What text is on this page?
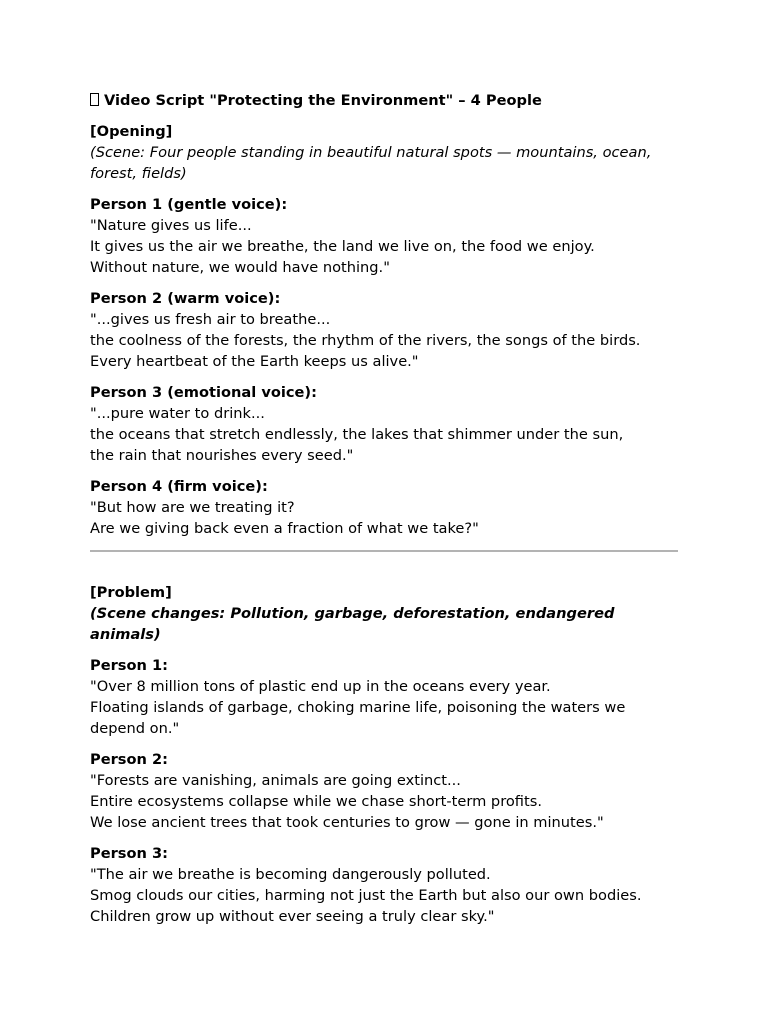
Video Script "Protecting the Environment" – 4 People

[Opening]

(Scene: Four people standing in beautiful natural spots — mountains, ocean, forest, fields)

Person 1 (gentle voice):

"Nature gives us life...

It gives us the air we breathe, the land we live on, the food we enjoy.

Without nature, we would have nothing."

Person 2 (warm voice):

"...gives us fresh air to breathe...

the coolness of the forests, the rhythm of the rivers, the songs of the birds.

Every heartbeat of the Earth keeps us alive."

Person 3 (emotional voice):

"...pure water to drink...

the oceans that stretch endlessly, the lakes that shimmer under the sun,

the rain that nourishes every seed."

Person 4 (firm voice):

"But how are we treating it?

Are we giving back even a fraction of what we take?"

[Problem]

(Scene changes: Pollution, garbage, deforestation, endangered animals)

Person 1:

"Over 8 million tons of plastic end up in the oceans every year.

Floating islands of garbage, choking marine life, poisoning the waters we depend on."

Person 2:

"Forests are vanishing, animals are going extinct...

Entire ecosystems collapse while we chase short-term profits.

We lose ancient trees that took centuries to grow — gone in minutes."

Person 3:

"The air we breathe is becoming dangerously polluted.

Smog clouds our cities, harming not just the Earth but also our own bodies.

Children grow up without ever seeing a truly clear sky."
